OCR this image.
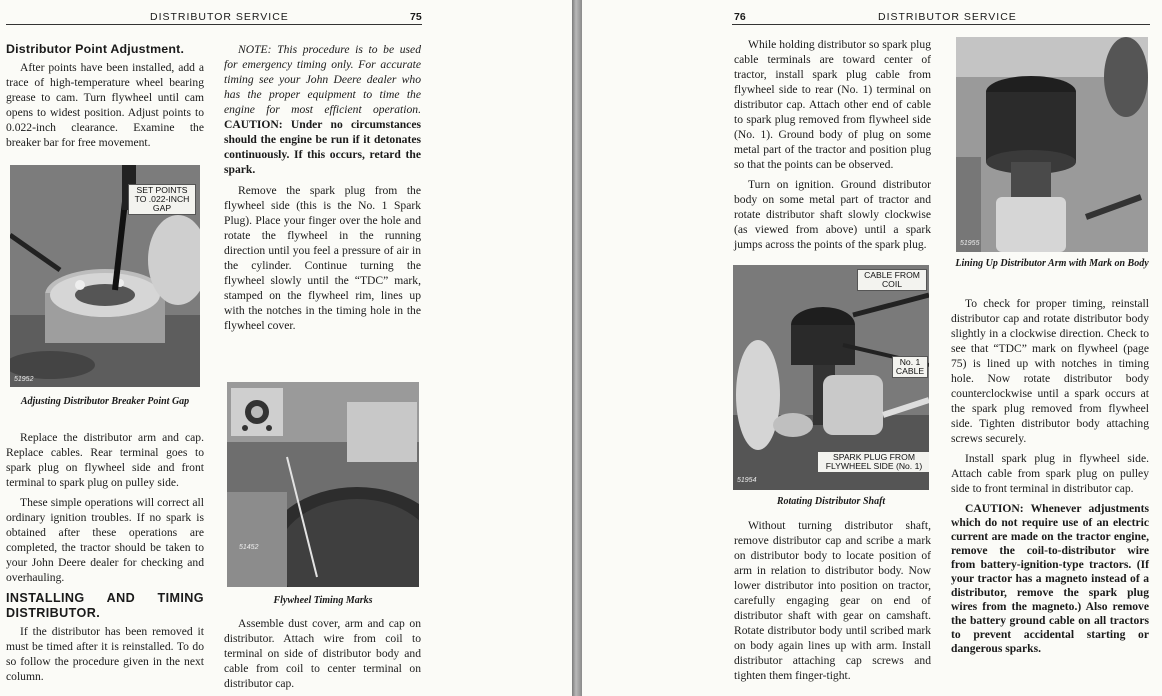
DISTRIBUTOR SERVICE	75
Distributor Point Adjustment.

After points have been installed, add a trace of high-temperature wheel bearing grease to cam. Turn flywheel until cam opens to widest position. Adjust points to 0.022-inch clearance. Examine the breaker bar for free movement.

SET POINTS TO .022-INCH GAP
51952
Adjusting Distributor Breaker Point Gap

Replace the distributor arm and cap. Replace cables. Rear terminal goes to spark plug on flywheel side and front terminal to spark plug on pulley side.

These simple operations will correct all ordinary ignition troubles. If no spark is obtained after these operations are completed, the tractor should be taken to your John Deere dealer for checking and overhauling.

INSTALLING AND TIMING DISTRIBUTOR.

If the distributor has been removed it must be timed after it is reinstalled. To do so follow the procedure given in the next column.

NOTE: This procedure is to be used for emergency timing only. For accurate timing see your John Deere dealer who has the proper equipment to time the engine for most efficient operation. CAUTION: Under no circumstances should the engine be run if it detonates continuously. If this occurs, retard the spark.

Remove the spark plug from the flywheel side (this is the No. 1 Spark Plug). Place your finger over the hole and rotate the flywheel in the running direction until you feel a pressure of air in the cylinder. Continue turning the flywheel slowly until the “TDC” mark, stamped on the flywheel rim, lines up with the notches in the timing hole in the flywheel cover.

51452
Flywheel Timing Marks

Assemble dust cover, arm and cap on distributor. Attach wire from coil to terminal on side of distributor body and cable from coil to center terminal on distributor cap.

76	DISTRIBUTOR SERVICE

While holding distributor so spark plug cable terminals are toward center of tractor, install spark plug cable from flywheel side to rear (No. 1) terminal on distributor cap. Attach other end of cable to spark plug removed from flywheel side (No. 1). Ground body of plug on some metal part of the tractor and position plug so that the points can be observed.

Turn on ignition. Ground distributor body on some metal part of tractor and rotate distributor shaft slowly clockwise (as viewed from above) until a spark jumps across the points of the spark plug.

CABLE FROM COIL
No. 1 CABLE
SPARK PLUG FROM FLYWHEEL SIDE (No. 1)
51954
Rotating Distributor Shaft

Without turning distributor shaft, remove distributor cap and scribe a mark on distributor body to locate position of arm in relation to distributor body. Now lower distributor into position on tractor, carefully engaging gear on end of distributor shaft with gear on camshaft. Rotate distributor body until scribed mark on body again lines up with arm. Install distributor attaching cap screws and tighten them finger-tight.

51955
Lining Up Distributor Arm with Mark on Body

To check for proper timing, reinstall distributor cap and rotate distributor body slightly in a clockwise direction. Check to see that “TDC” mark on flywheel (page 75) is lined up with notches in timing hole. Now rotate distributor body counterclockwise until a spark occurs at the spark plug removed from flywheel side. Tighten distributor body attaching screws securely.

Install spark plug in flywheel side. Attach cable from spark plug on pulley side to front terminal in distributor cap.

CAUTION: Whenever adjustments which do not require use of an electric current are made on the tractor engine, remove the coil-to-distributor wire from battery-ignition-type tractors. (If your tractor has a magneto instead of a distributor, remove the spark plug wires from the magneto.) Also remove the battery ground cable on all tractors to prevent accidental starting or dangerous sparks.
